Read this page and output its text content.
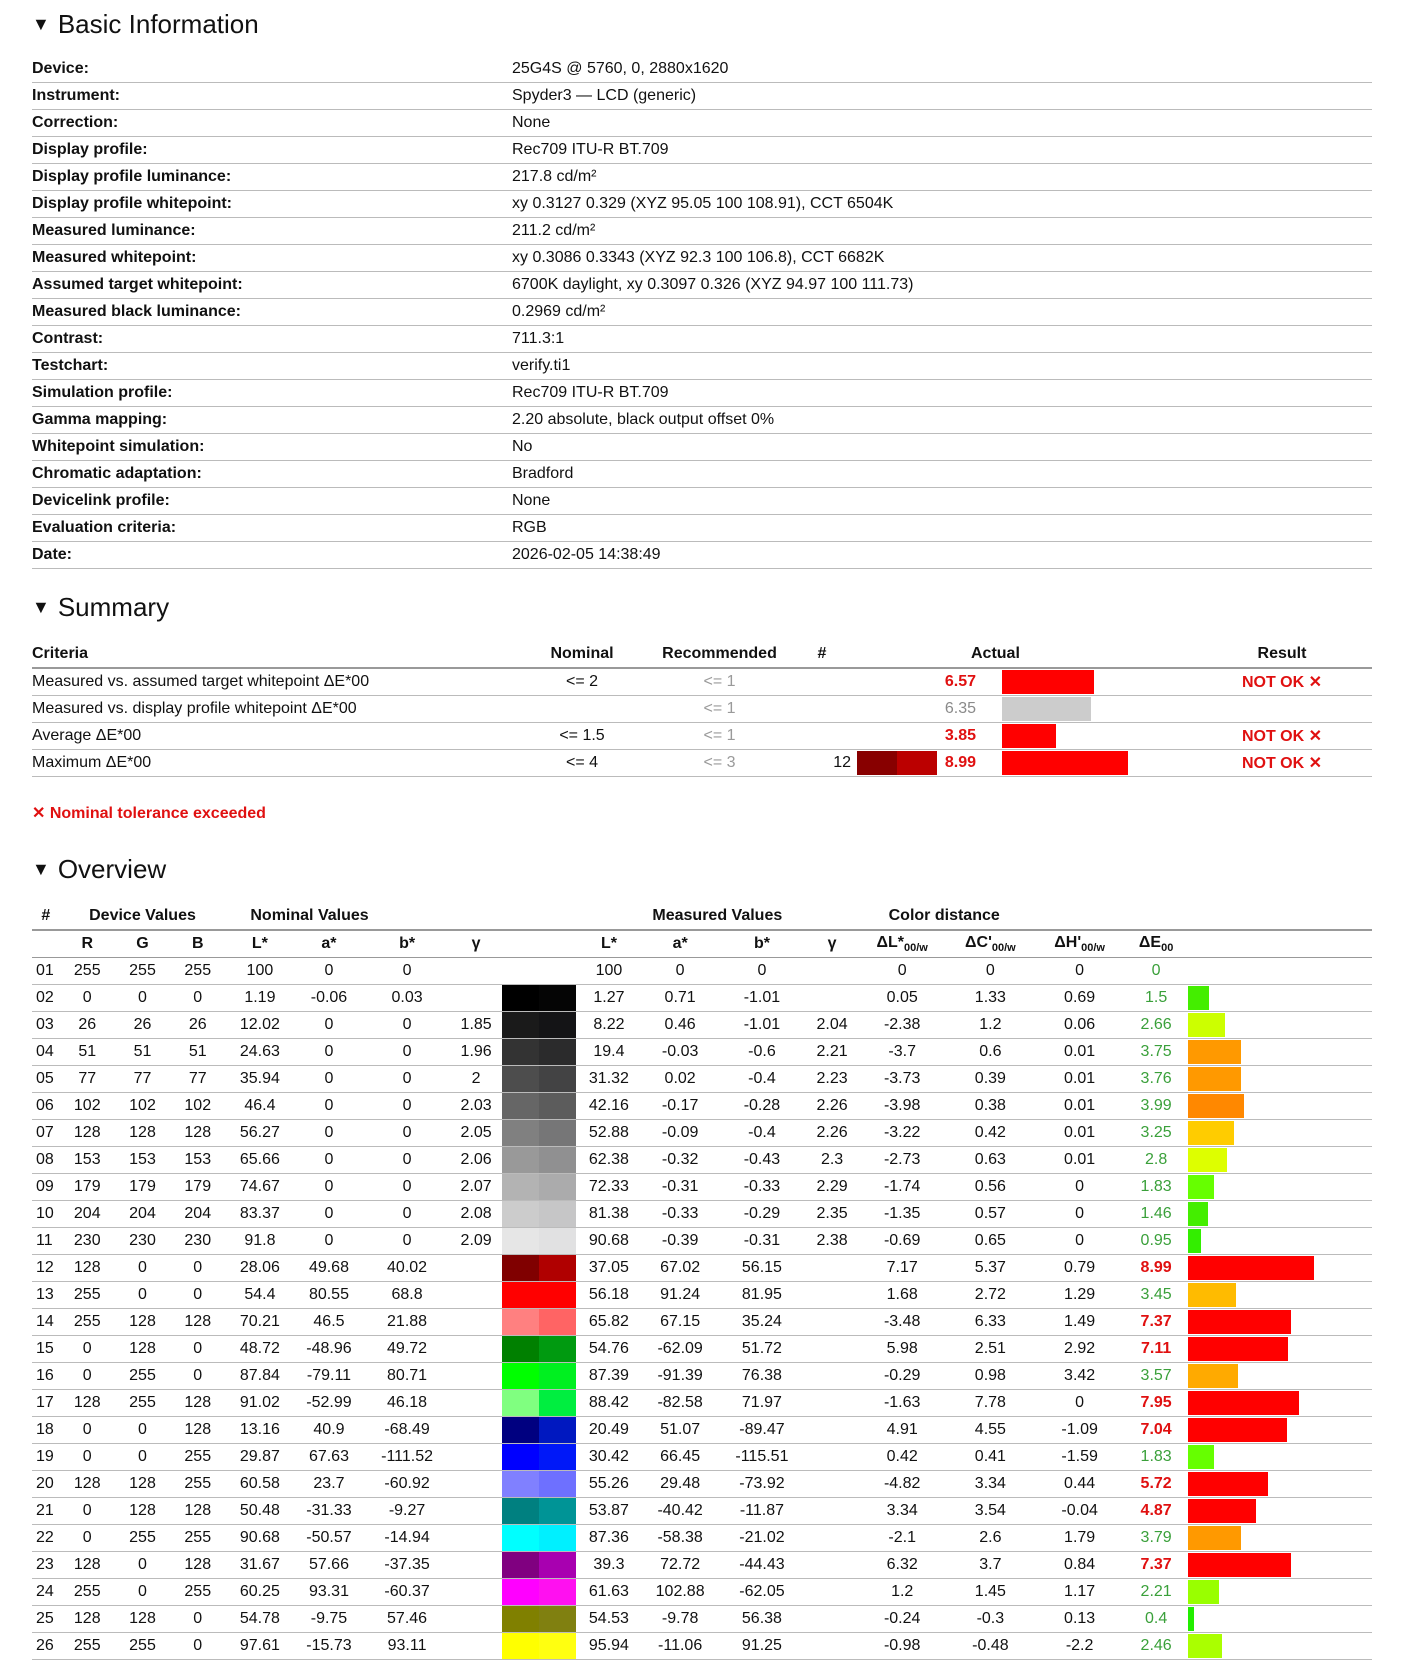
▼ Basic Information
Device:	25G4S @ 5760, 0, 2880x1620
Instrument:	Spyder3 — LCD (generic)
Correction:	None
Display profile:	Rec709 ITU-R BT.709
Display profile luminance:	217.8 cd/m²
Display profile whitepoint:	xy 0.3127 0.329 (XYZ 95.05 100 108.91), CCT 6504K
Measured luminance:	211.2 cd/m²
Measured whitepoint:	xy 0.3086 0.3343 (XYZ 92.3 100 106.8), CCT 6682K
Assumed target whitepoint:	6700K daylight, xy 0.3097 0.326 (XYZ 94.97 100 111.73)
Measured black luminance:	0.2969 cd/m²
Contrast:	711.3:1
Testchart:	verify.ti1
Simulation profile:	Rec709 ITU-R BT.709
Gamma mapping:	2.20 absolute, black output offset 0%
Whitepoint simulation:	No
Chromatic adaptation:	Bradford
Devicelink profile:	None
Evaluation criteria:	RGB
Date:	2026-02-05 14:38:49
▼ Summary
Criteria	Nominal	Recommended	#		Actual		Result
Measured vs. assumed target whitepoint ΔE*00	<= 2	<= 1			6.57		NOT OK ✕
Measured vs. display profile whitepoint ΔE*00		<= 1			6.35	

Average ΔE*00	<= 1.5	<= 1			3.85		NOT OK ✕
Maximum ΔE*00	<= 4	<= 3	12		8.99		NOT OK ✕
✕ Nominal tolerance exceeded
▼ Overview
#	Device Values			Nominal Values					Measured Values				Color distance				
	R	G	B	L*	a*	b*	γ		L*	a*	b*	γ	$\Delta L*_{00/w}$	$\Delta C'_{00/w}$	$\Delta H'_{00/w}$	$\Delta E_{00}$	
01	255	255	255	100	0	0			100	0	0		0	0	0	0	

02	0	0	0	1.19	-0.06	0.03			1.27	0.71	-1.01		0.05	1.33	0.69	1.5	

03	26	26	26	12.02	0	0	1.85		8.22	0.46	-1.01	2.04	-2.38	1.2	0.06	2.66	

04	51	51	51	24.63	0	0	1.96		19.4	-0.03	-0.6	2.21	-3.7	0.6	0.01	3.75	

05	77	77	77	35.94	0	0	2		31.32	0.02	-0.4	2.23	-3.73	0.39	0.01	3.76	

06	102	102	102	46.4	0	0	2.03		42.16	-0.17	-0.28	2.26	-3.98	0.38	0.01	3.99	

07	128	128	128	56.27	0	0	2.05		52.88	-0.09	-0.4	2.26	-3.22	0.42	0.01	3.25	

08	153	153	153	65.66	0	0	2.06		62.38	-0.32	-0.43	2.3	-2.73	0.63	0.01	2.8	

09	179	179	179	74.67	0	0	2.07		72.33	-0.31	-0.33	2.29	-1.74	0.56	0	1.83	

10	204	204	204	83.37	0	0	2.08		81.38	-0.33	-0.29	2.35	-1.35	0.57	0	1.46	

11	230	230	230	91.8	0	0	2.09		90.68	-0.39	-0.31	2.38	-0.69	0.65	0	0.95	

12	128	0	0	28.06	49.68	40.02			37.05	67.02	56.15		7.17	5.37	0.79	8.99	

13	255	0	0	54.4	80.55	68.8			56.18	91.24	81.95		1.68	2.72	1.29	3.45	

14	255	128	128	70.21	46.5	21.88			65.82	67.15	35.24		-3.48	6.33	1.49	7.37	

15	0	128	0	48.72	-48.96	49.72			54.76	-62.09	51.72		5.98	2.51	2.92	7.11	

16	0	255	0	87.84	-79.11	80.71			87.39	-91.39	76.38		-0.29	0.98	3.42	3.57	

17	128	255	128	91.02	-52.99	46.18			88.42	-82.58	71.97		-1.63	7.78	0	7.95	

18	0	0	128	13.16	40.9	-68.49			20.49	51.07	-89.47		4.91	4.55	-1.09	7.04	

19	0	0	255	29.87	67.63	-111.52			30.42	66.45	-115.51		0.42	0.41	-1.59	1.83	

20	128	128	255	60.58	23.7	-60.92			55.26	29.48	-73.92		-4.82	3.34	0.44	5.72	

21	0	128	128	50.48	-31.33	-9.27			53.87	-40.42	-11.87		3.34	3.54	-0.04	4.87	

22	0	255	255	90.68	-50.57	-14.94			87.36	-58.38	-21.02		-2.1	2.6	1.79	3.79	

23	128	0	128	31.67	57.66	-37.35			39.3	72.72	-44.43		6.32	3.7	0.84	7.37	

24	255	0	255	60.25	93.31	-60.37			61.63	102.88	-62.05		1.2	1.45	1.17	2.21	

25	128	128	0	54.78	-9.75	57.46			54.53	-9.78	56.38		-0.24	-0.3	0.13	0.4	

26	255	255	0	97.61	-15.73	93.11			95.94	-11.06	91.25		-0.98	-0.48	-2.2	2.46	
